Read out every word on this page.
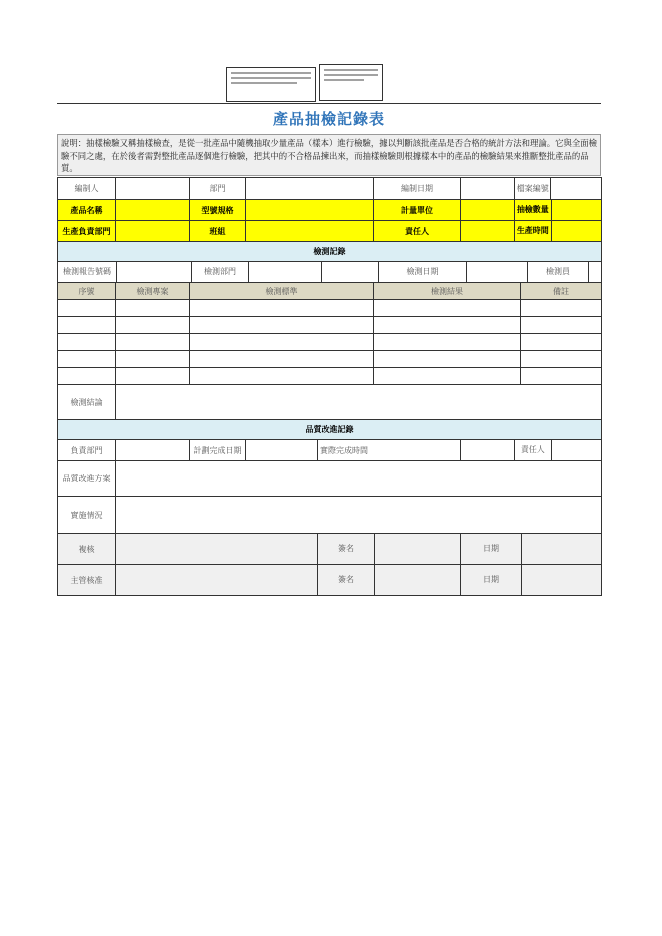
產品抽檢記錄表
說明：抽樣檢驗又稱抽樣檢查，是從一批產品中隨機抽取少量產品（樣本）進行檢驗，據以判斷該批產品是否合格的統計方法和理論。它與全面檢驗不同之處，在於後者需對整批產品逐個進行檢驗，把其中的不合格品揀出來，而抽樣檢驗則根據樣本中的產品的檢驗結果來推斷整批產品的品質。
編制人		部門			編制日期	檔案編號	

產品名稱		型號規格			計量單位	抽檢數量	

生產負責部門		班組			責任人	生產時間	

檢測記錄							

檢測報告號碼 檢測部門 檢測日期 檢測員							

序號	檢測專案	檢測標準			檢測結果		備註

檢測結論							
品質改進記錄							
負責部門		計劃完成日期		實際完成時間		責任人	

品質改進方案							
實施情況							
複核				簽名		日期	

主管核准				簽名		日期	
